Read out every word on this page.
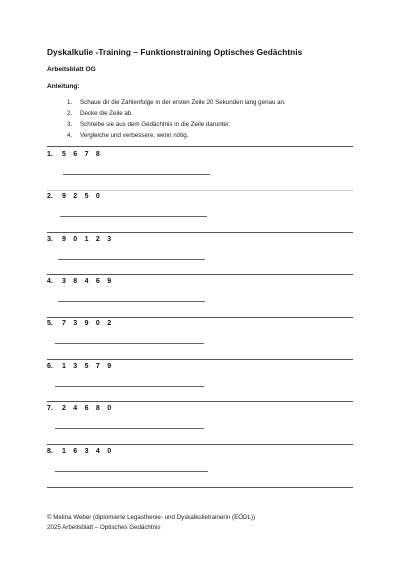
Dyskalkulie -Training – Funktionstraining Optisches Gedächtnis
Arbeitsblatt OG
Anleitung:
1. Schaue dir die Zahlenfolge in der ersten Zeile 20 Sekunden lang genau an.
2. Decke die Zeile ab.
3. Schreibe sie aus dem Gedächtnis in die Zeile darunter.
4. Vergleiche und verbessere, wenn nötig.
1. 5 6 7 8
2. 9 2 5 0
3. 9 0 1 2 3
4. 3 8 4 6 9
5. 7 3 9 0 2
6. 1 3 5 7 9
7. 2 4 6 8 0
8. 1 6 3 4 0
© Melina Weber (diplomierte Legasthenie- und Dyskalkulietrainerin (EÖDL))
2025 Arbeitsblatt – Optisches Gedächtnis
